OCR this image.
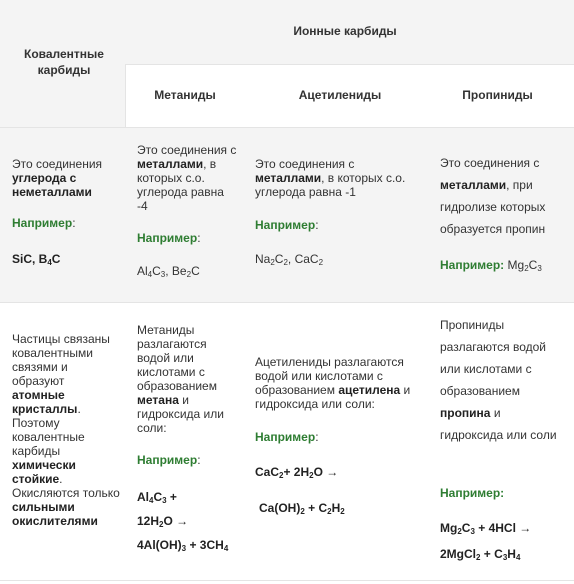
Ковалентные карбиды
Ионные карбиды
Метаниды	Ацетилениды	Пропиниды
Это соединения углерода с неметаллами
Например:
SiC, $B_4C$
Это соединения с металлами, в которых с.о. углерода равна -4
Например:
$Al_4C_3$, $Be_2C$
Это соединения с металлами, в которых с.о. углерода равна -1
Например:
$Na_2C_2$, CaC$_2$
Это соединения с металлами, при гидролизе которых образуется пропин
Например: $Mg_2C_3$
Частицы связаны ковалентными связями и образуют атомные кристаллы. Поэтому ковалентные карбиды химически стойкие. Окисляются только сильными окислителями
Метаниды разлагаются водой или кислотами с образованием метана и гидроксида или соли:
Например:
$Al_4C_3$ +
$12H_2O$ →
$4Al(OH)_3 + 3CH_4$
Ацетилениды разлагаются водой или кислотами с образованием ацетилена и гидроксида или соли:
Например:
$CaC_2+ 2H_2O$ →
$Ca(OH)_2 + C_2H_2$
Пропиниды разлагаются водой или кислотами с образованием пропина и гидроксида или соли
Например:
$Mg_2C_3 + 4HCl$ →
2MgCl$_2$ + $C_3H_4$
